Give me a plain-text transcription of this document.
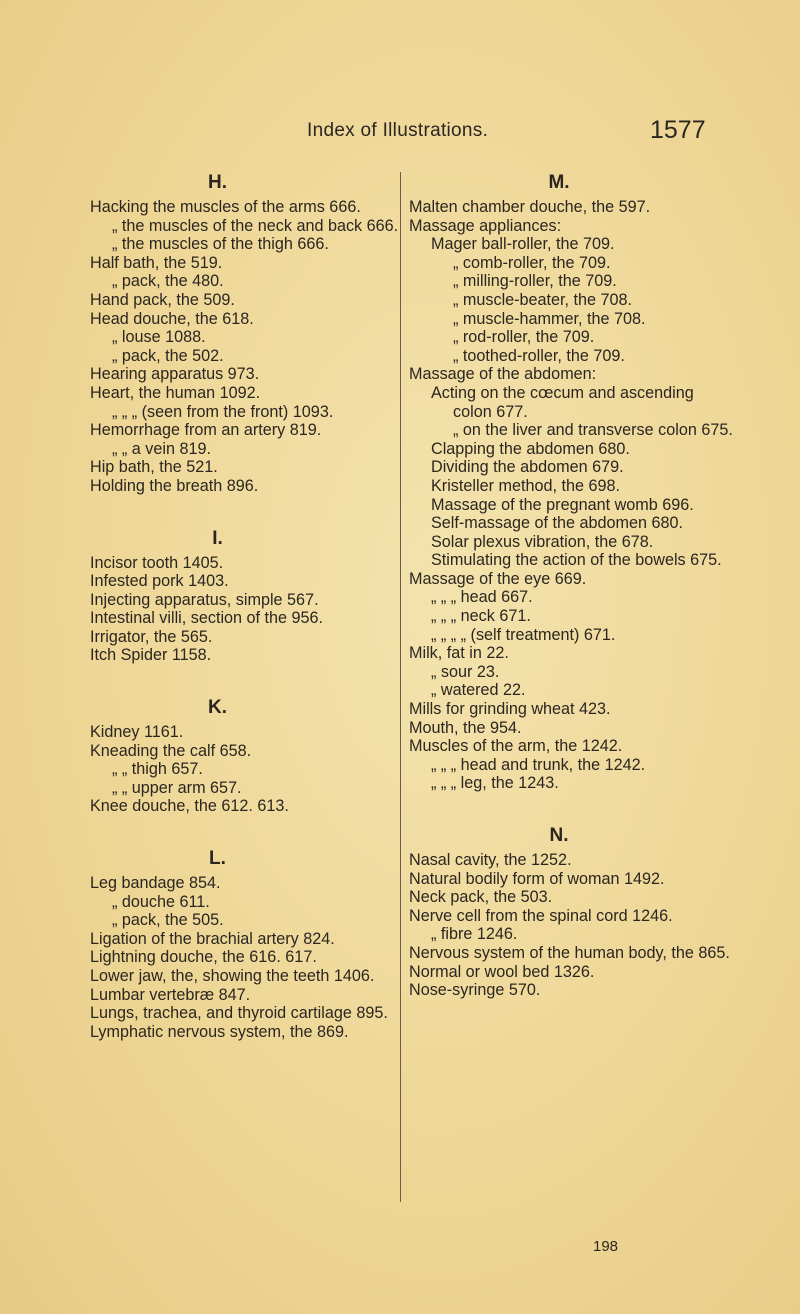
Index of Illustrations.	1577
H.
Hacking the muscles of the arms 666.
„ the muscles of the neck and back 666.
„ the muscles of the thigh 666.
Half bath, the 519.
„ pack, the 480.
Hand pack, the 509.
Head douche, the 618.
„ louse 1088.
„ pack, the 502.
Hearing apparatus 973.
Heart, the human 1092.
„ „ „ (seen from the front) 1093.
Hemorrhage from an artery 819.
„ „ a vein 819.
Hip bath, the 521.
Holding the breath 896.
I.
Incisor tooth 1405.
Infested pork 1403.
Injecting apparatus, simple 567.
Intestinal villi, section of the 956.
Irrigator, the 565.
Itch Spider 1158.
K.
Kidney 1161.
Kneading the calf 658.
„ „ thigh 657.
„ „ upper arm 657.
Knee douche, the 612. 613.
L.
Leg bandage 854.
„ douche 611.
„ pack, the 505.
Ligation of the brachial artery 824.
Lightning douche, the 616. 617.
Lower jaw, the, showing the teeth 1406.
Lumbar vertebræ 847.
Lungs, trachea, and thyroid cartilage 895.
Lymphatic nervous system, the 869.
M.
Malten chamber douche, the 597.
Massage appliances:
Mager ball-roller, the 709.
„ comb-roller, the 709.
„ milling-roller, the 709.
„ muscle-beater, the 708.
„ muscle-hammer, the 708.
„ rod-roller, the 709.
„ toothed-roller, the 709.
Massage of the abdomen:
Acting on the cœcum and ascending colon 677.
„ on the liver and transverse colon 675.
Clapping the abdomen 680.
Dividing the abdomen 679.
Kristeller method, the 698.
Massage of the pregnant womb 696.
Self-massage of the abdomen 680.
Solar plexus vibration, the 678.
Stimulating the action of the bowels 675.
Massage of the eye 669.
„ „ „ head 667.
„ „ „ neck 671.
„ „ „ „ (self treatment) 671.
Milk, fat in 22.
„ sour 23.
„ watered 22.
Mills for grinding wheat 423.
Mouth, the 954.
Muscles of the arm, the 1242.
„ „ „ head and trunk, the 1242.
„ „ „ leg, the 1243.
N.
Nasal cavity, the 1252.
Natural bodily form of woman 1492.
Neck pack, the 503.
Nerve cell from the spinal cord 1246.
„ fibre 1246.
Nervous system of the human body, the 865.
Normal or wool bed 1326.
Nose-syringe 570.
198
